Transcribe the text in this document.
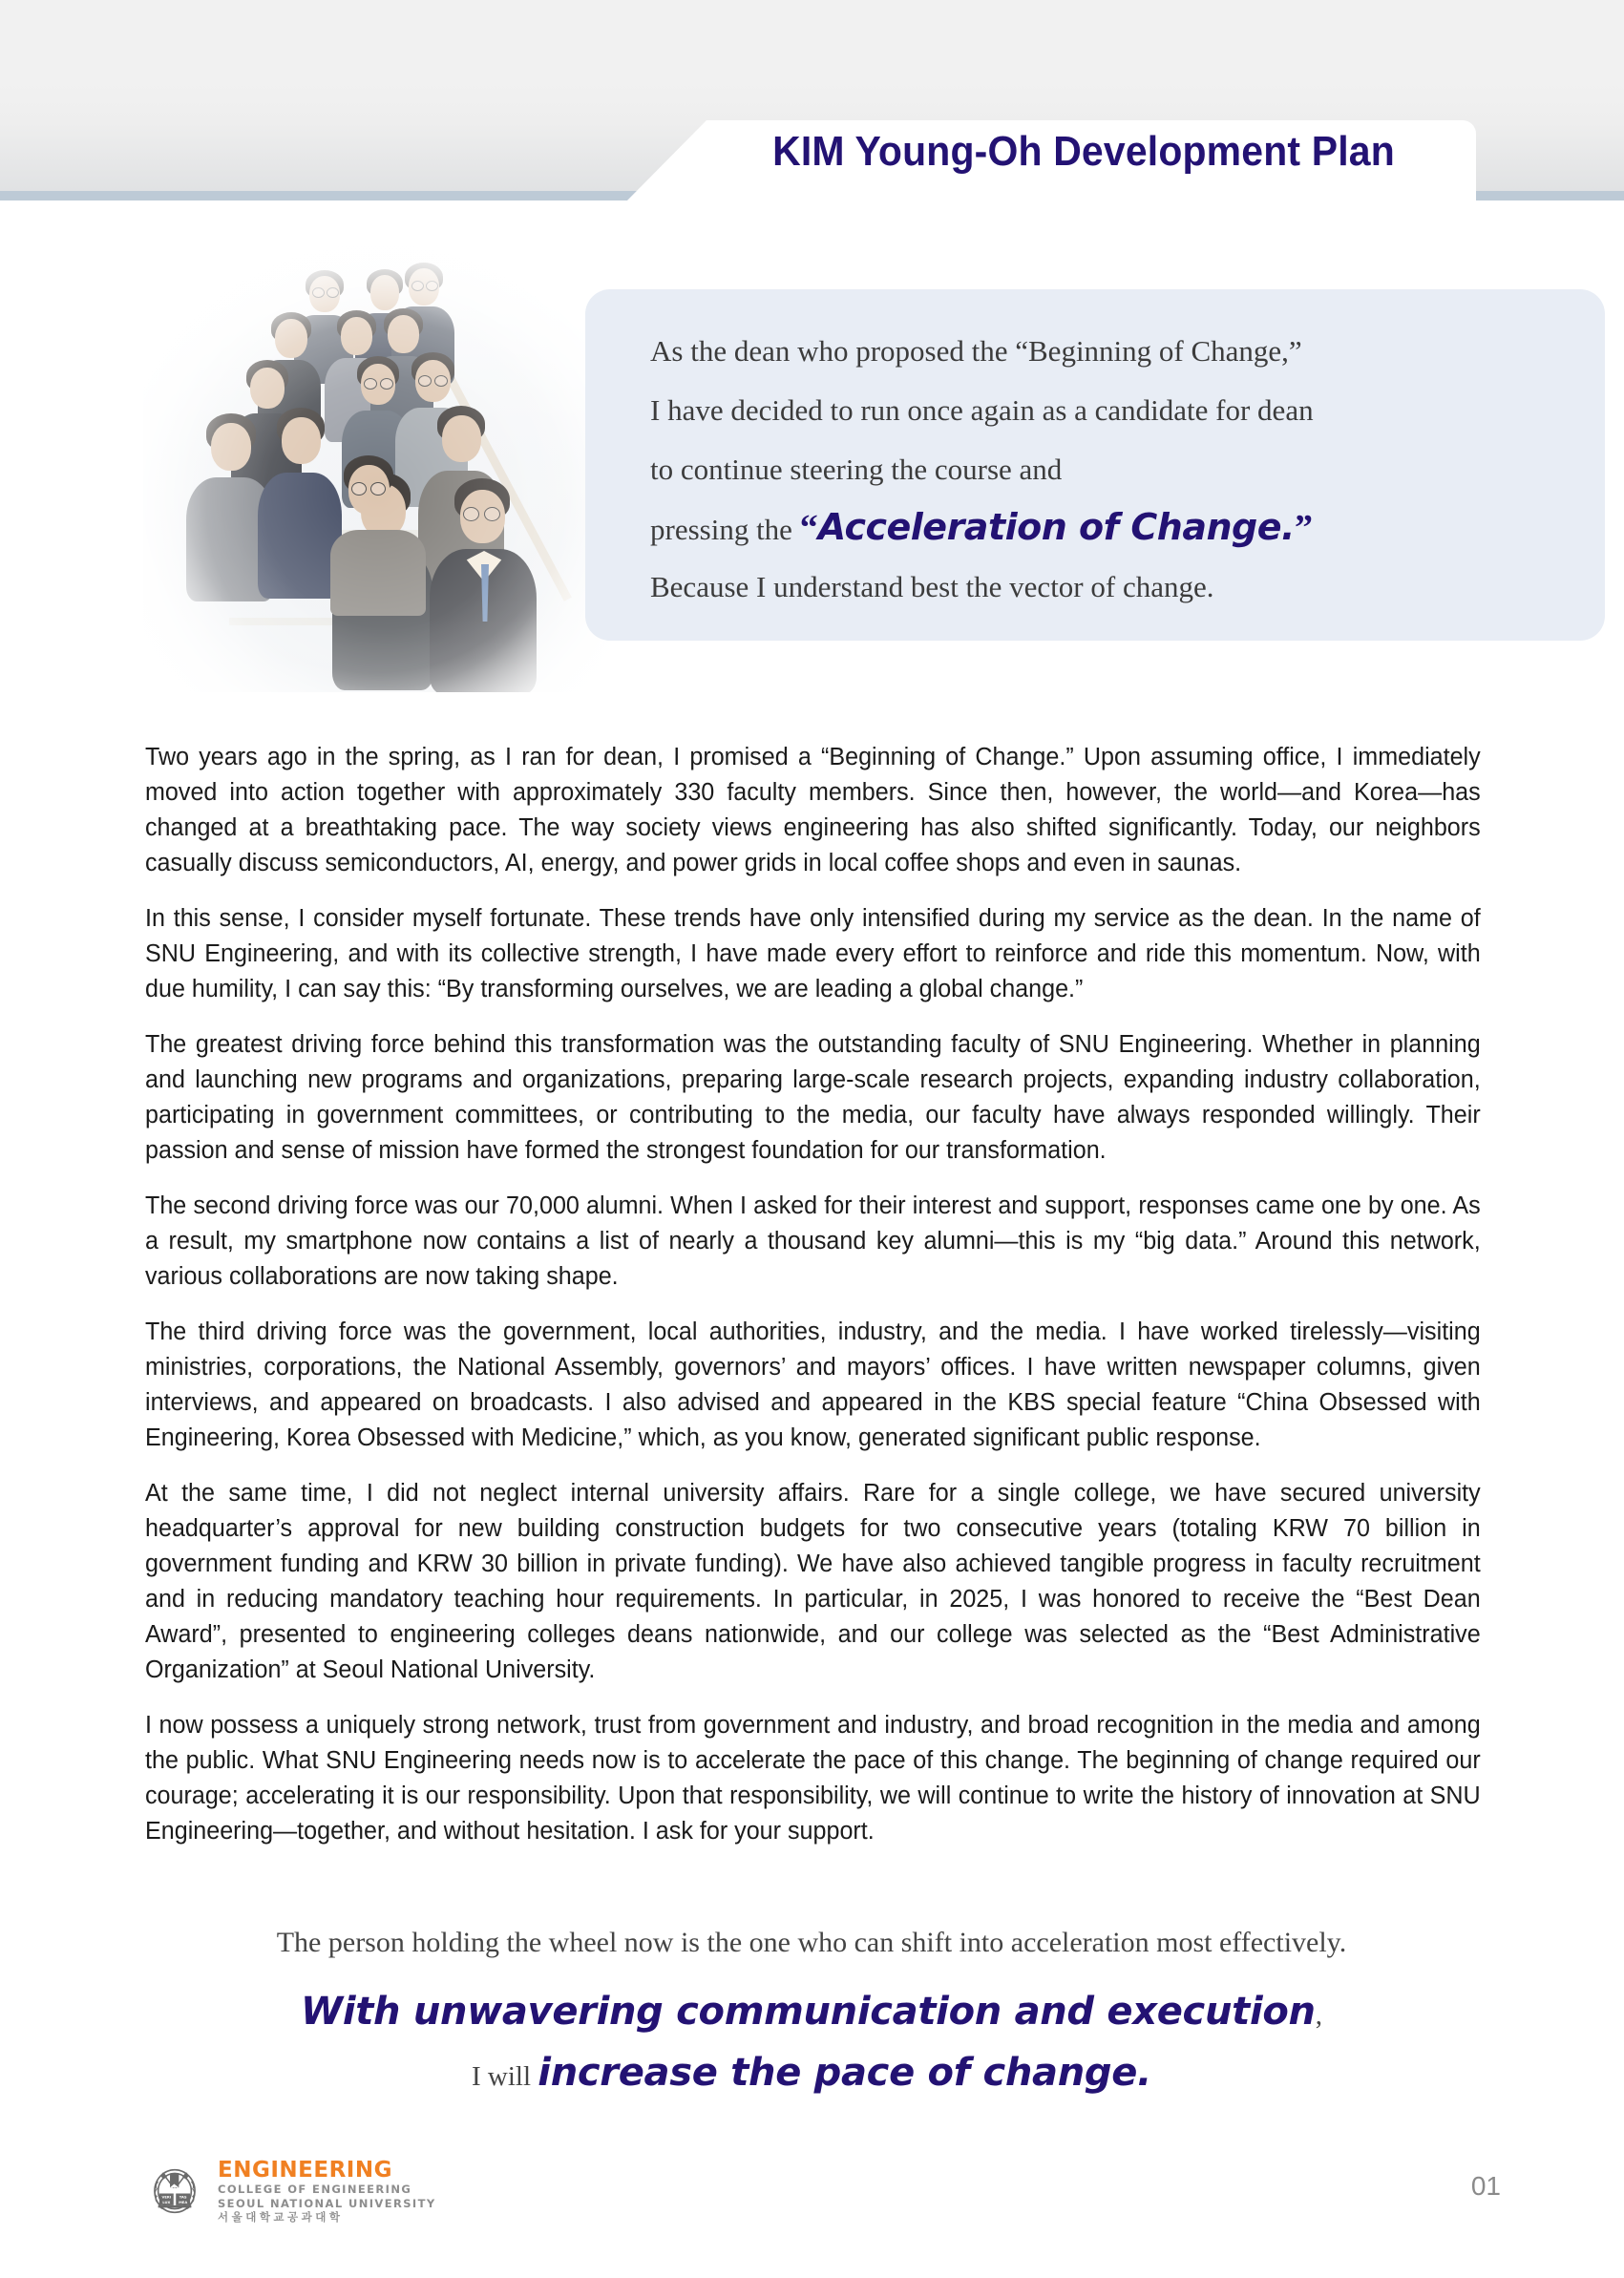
KIM Young-Oh Development Plan
As the dean who proposed the “Beginning of Change,”
I have decided to run once again as a candidate for dean
to continue steering the course and
pressing the “Acceleration of Change.”
Because I understand best the vector of change.

Two years ago in the spring, as I ran for dean, I promised a “Beginning of Change.” Upon assuming office, I immediately moved into action together with approximately 330 faculty members. Since then, however, the world—and Korea—has changed at a breathtaking pace. The way society views engineering has also shifted significantly. Today, our neighbors casually discuss semiconductors, AI, energy, and power grids in local coffee shops and even in saunas.

In this sense, I consider myself fortunate. These trends have only intensified during my service as the dean. In the name of SNU Engineering, and with its collective strength, I have made every effort to reinforce and ride this momentum. Now, with due humility, I can say this: “By transforming ourselves, we are leading a global change.”

The greatest driving force behind this transformation was the outstanding faculty of SNU Engineering. Whether in planning and launching new programs and organizations, preparing large-scale research projects, expanding industry collaboration, participating in government committees, or contributing to the media, our faculty have always responded willingly. Their passion and sense of mission have formed the strongest foundation for our transformation.

The second driving force was our 70,000 alumni. When I asked for their interest and support, responses came one by one. As a result, my smartphone now contains a list of nearly a thousand key alumni—this is my “big data.” Around this network, various collaborations are now taking shape.

The third driving force was the government, local authorities, industry, and the media. I have worked tirelessly—visiting ministries, corporations, the National Assembly, governors’ and mayors’ offices. I have written newspaper columns, given interviews, and appeared on broadcasts. I also advised and appeared in the KBS special feature “China Obsessed with Engineering, Korea Obsessed with Medicine,” which, as you know, generated significant public response.

At the same time, I did not neglect internal university affairs. Rare for a single college, we have secured university headquarter’s approval for new building construction budgets for two consecutive years (totaling KRW 70 billion in government funding and KRW 30 billion in private funding). We have also achieved tangible progress in faculty recruitment and in reducing mandatory teaching hour requirements. In particular, in 2025, I was honored to receive the “Best Dean Award”, presented to engineering colleges deans nationwide, and our college was selected as the “Best Administrative Organization” at Seoul National University.

I now possess a uniquely strong network, trust from government and industry, and broad recognition in the media and among the public. What SNU Engineering needs now is to accelerate the pace of this change. The beginning of change required our courage; accelerating it is our responsibility. Upon that responsibility, we will continue to write the history of innovation at SNU Engineering—together, and without hesitation. I ask for your support.

The person holding the wheel now is the one who can shift into acceleration most effectively.
With unwavering communication and execution,
I will increase the pace of change.
VERI TAS
LUX MEA
ENGINEERING
COLLEGE OF ENGINEERING
SEOUL NATIONAL UNIVERSITY
서울대학교공과대학
01
